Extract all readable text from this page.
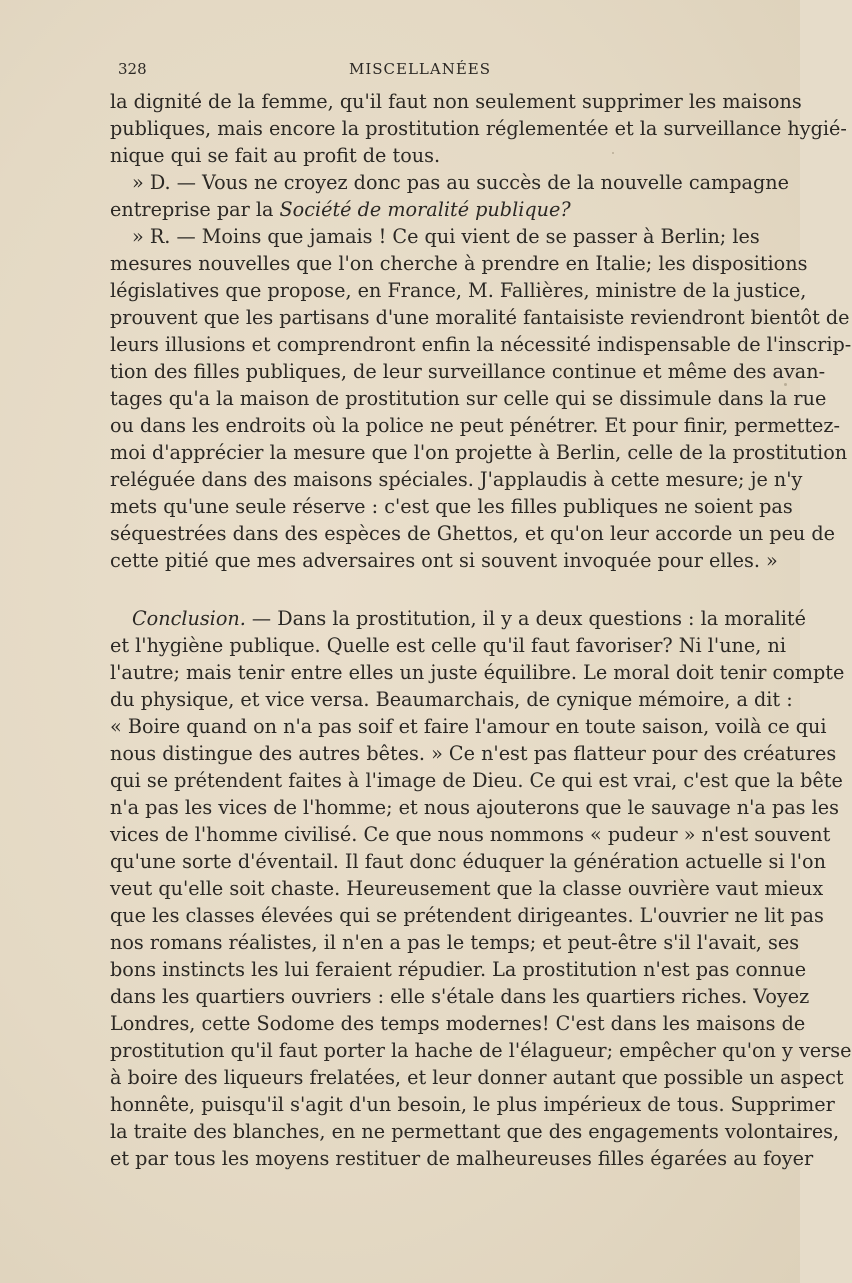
328	MISCELLANÉES
la dignité de la femme, qu'il faut non seulement supprimer les maisons
publiques, mais encore la prostitution réglementée et la surveillance hygié-
nique qui se fait au profit de tous.
» D. — Vous ne croyez donc pas au succès de la nouvelle campagne
entreprise par la Société de moralité publique?
» R. — Moins que jamais ! Ce qui vient de se passer à Berlin; les
mesures nouvelles que l'on cherche à prendre en Italie; les dispositions
législatives que propose, en France, M. Fallières, ministre de la justice,
prouvent que les partisans d'une moralité fantaisiste reviendront bientôt de
leurs illusions et comprendront enfin la nécessité indispensable de l'inscrip-
tion des filles publiques, de leur surveillance continue et même des avan-
tages qu'a la maison de prostitution sur celle qui se dissimule dans la rue
ou dans les endroits où la police ne peut pénétrer. Et pour finir, permettez-
moi d'apprécier la mesure que l'on projette à Berlin, celle de la prostitution
reléguée dans des maisons spéciales. J'applaudis à cette mesure; je n'y
mets qu'une seule réserve : c'est que les filles publiques ne soient pas
séquestrées dans des espèces de Ghettos, et qu'on leur accorde un peu de
cette pitié que mes adversaires ont si souvent invoquée pour elles. »
Conclusion. — Dans la prostitution, il y a deux questions : la moralité
et l'hygiène publique. Quelle est celle qu'il faut favoriser? Ni l'une, ni
l'autre; mais tenir entre elles un juste équilibre. Le moral doit tenir compte
du physique, et vice versa. Beaumarchais, de cynique mémoire, a dit :
« Boire quand on n'a pas soif et faire l'amour en toute saison, voilà ce qui
nous distingue des autres bêtes. » Ce n'est pas flatteur pour des créatures
qui se prétendent faites à l'image de Dieu. Ce qui est vrai, c'est que la bête
n'a pas les vices de l'homme; et nous ajouterons que le sauvage n'a pas les
vices de l'homme civilisé. Ce que nous nommons « pudeur » n'est souvent
qu'une sorte d'éventail. Il faut donc éduquer la génération actuelle si l'on
veut qu'elle soit chaste. Heureusement que la classe ouvrière vaut mieux
que les classes élevées qui se prétendent dirigeantes. L'ouvrier ne lit pas
nos romans réalistes, il n'en a pas le temps; et peut-être s'il l'avait, ses
bons instincts les lui feraient répudier. La prostitution n'est pas connue
dans les quartiers ouvriers : elle s'étale dans les quartiers riches. Voyez
Londres, cette Sodome des temps modernes! C'est dans les maisons de
prostitution qu'il faut porter la hache de l'élagueur; empêcher qu'on y verse
à boire des liqueurs frelatées, et leur donner autant que possible un aspect
honnête, puisqu'il s'agit d'un besoin, le plus impérieux de tous. Supprimer
la traite des blanches, en ne permettant que des engagements volontaires,
et par tous les moyens restituer de malheureuses filles égarées au foyer
